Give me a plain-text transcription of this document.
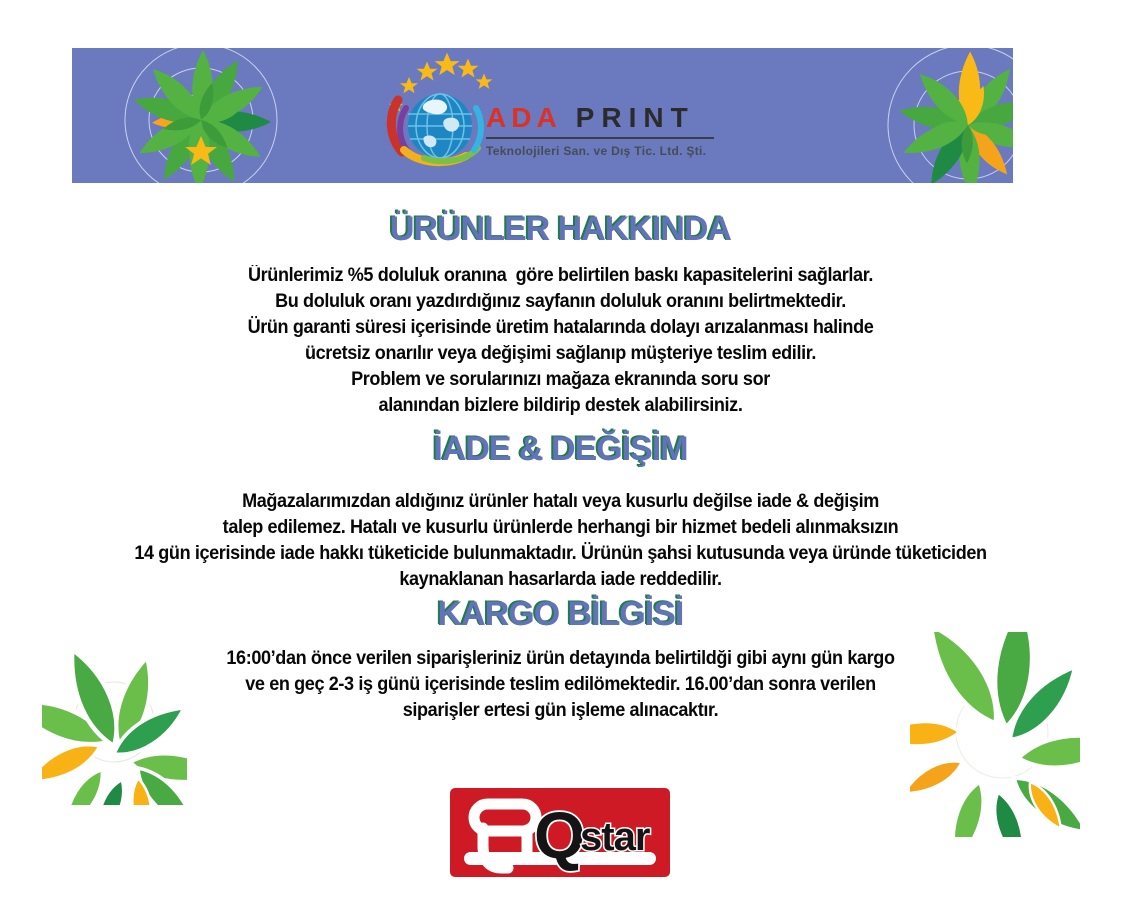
ADA PRINT
Teknolojileri San. ve Dış Tic. Ltd. Şti.
ÜRÜNLER HAKKINDA
Ürünlerimiz %5 doluluk oranına  göre belirtilen baskı kapasitelerini sağlarlar.
Bu doluluk oranı yazdırdığınız sayfanın doluluk oranını belirtmektedir.
Ürün garanti süresi içerisinde üretim hatalarında dolayı arızalanması halinde
ücretsiz onarılır veya değişimi sağlanıp müşteriye teslim edilir.
Problem ve sorularınızı mağaza ekranında soru sor
alanından bizlere bildirip destek alabilirsiniz.
İADE & DEĞİŞİM
Mağazalarımızdan aldığınız ürünler hatalı veya kusurlu değilse iade & değişim
talep edilemez. Hatalı ve kusurlu ürünlerde herhangi bir hizmet bedeli alınmaksızın
14 gün içerisinde iade hakkı tüketicide bulunmaktadır. Ürünün şahsi kutusunda veya üründe tüketiciden
kaynaklanan hasarlarda iade reddedilir.
KARGO BİLGİSİ
16:00’dan önce verilen siparişleriniz ürün detayında belirtildği gibi aynı gün kargo
ve en geç 2-3 iş günü içerisinde teslim edilömektedir. 16.00’dan sonra verilen
siparişler ertesi gün işleme alınacaktır.
Q
star
